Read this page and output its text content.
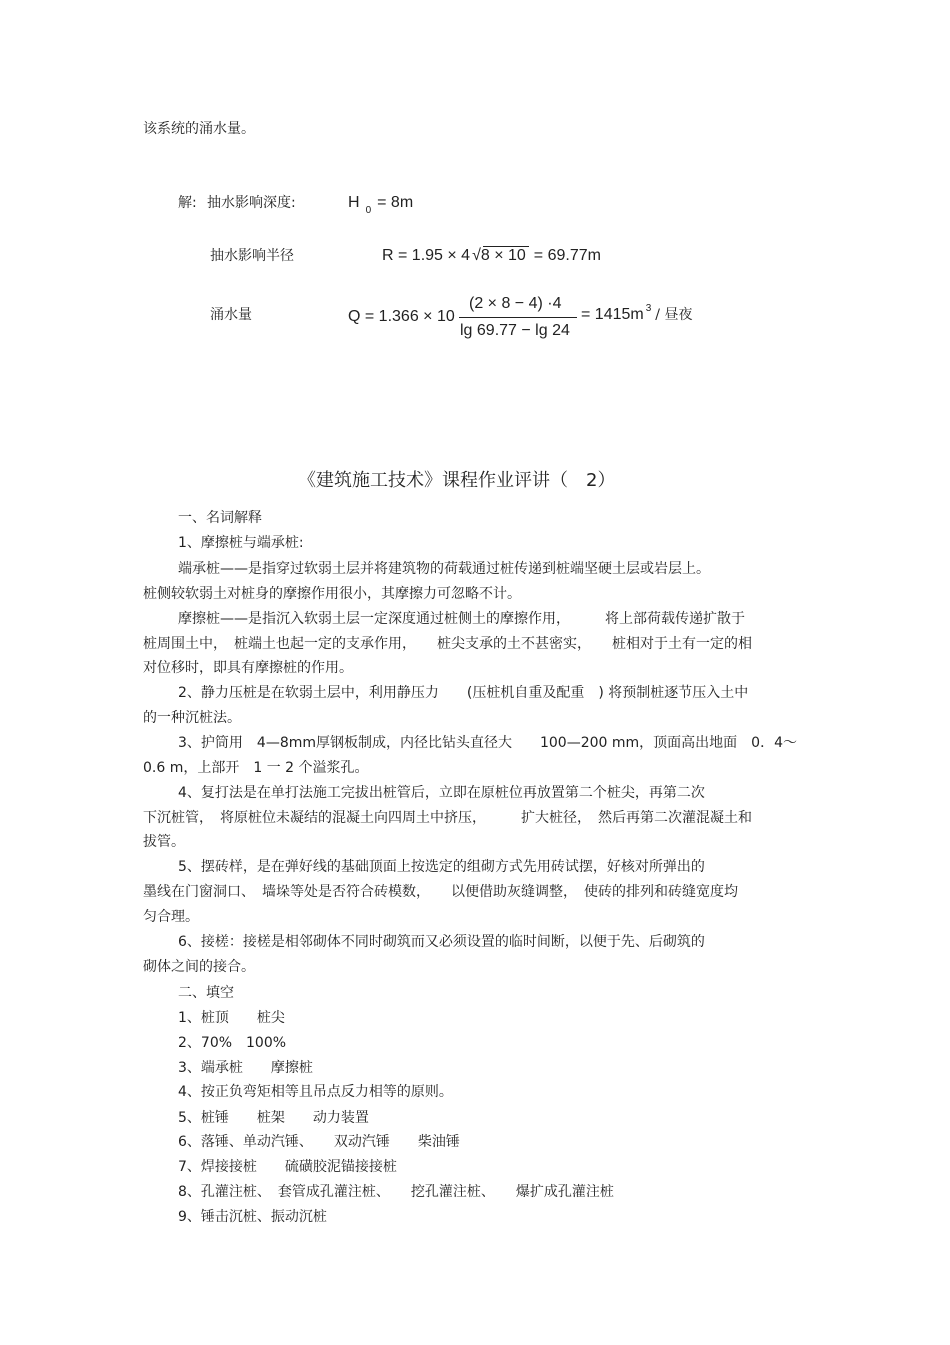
该系统的涌水量。
解: 抽水影响深度:	H $_0$ = 8m
抽水影响半径	R = 1.95 × 4 √8 × 10 = 69.77m
涌水量	Q = 1.366 × 10
(2 × 8 − 4) ·4
lg 69.77 − lg 24
= 1415m $^3$ / 昼夜
《建筑施工技术》课程作业评讲（　2）
一、名词解释
1、摩擦桩与端承桩:
端承桩——是指穿过软弱土层并将建筑物的荷载通过桩传递到桩端坚硬土层或岩层上。
桩侧较软弱土对桩身的摩擦作用很小，其摩擦力可忽略不计。
摩擦桩——是指沉入软弱土层一定深度通过桩侧土的摩擦作用，　　　将上部荷载传递扩散于
桩周围土中，　桩端土也起一定的支承作用，　　桩尖支承的土不甚密实，　　桩相对于土有一定的相
对位移时，即具有摩擦桩的作用。
2、静力压桩是在软弱土层中，利用静压力　　(压桩机自重及配重　) 将预制桩逐节压入土中
的一种沉桩法。
3、护筒用　4—8mm厚钢板制成，内径比钻头直径大　　100—200 mm，顶面高出地面　0．4～
0.6 m，上部开　1 一 2 个溢浆孔。
4、复打法是在单打法施工完拔出桩管后，立即在原桩位再放置第二个桩尖，再第二次
下沉桩管，　将原桩位未凝结的混凝土向四周土中挤压，　　　扩大桩径，　然后再第二次灌混凝土和
拔管。
5、摆砖样，是在弹好线的基础顶面上按选定的组砌方式先用砖试摆，好核对所弹出的
墨线在门窗洞口、　墙垛等处是否符合砖模数，　　以便借助灰缝调整，　使砖的排列和砖缝宽度均
匀合理。
6、接槎：接槎是相邻砌体不同时砌筑而又必须设置的临时间断，以便于先、后砌筑的
砌体之间的接合。
二、填空
1、桩顶　　桩尖
2、70%　100%
3、端承桩　　摩擦桩
4、按正负弯矩相等且吊点反力相等的原则。
5、桩锤　　桩架　　动力装置
6、落锤、单动汽锤、　　双动汽锤　　柴油锤
7、焊接接桩　　硫磺胶泥锚接接桩
8、孔灌注桩、　套管成孔灌注桩、　　挖孔灌注桩、　　爆扩成孔灌注桩
9、锤击沉桩、振动沉桩
